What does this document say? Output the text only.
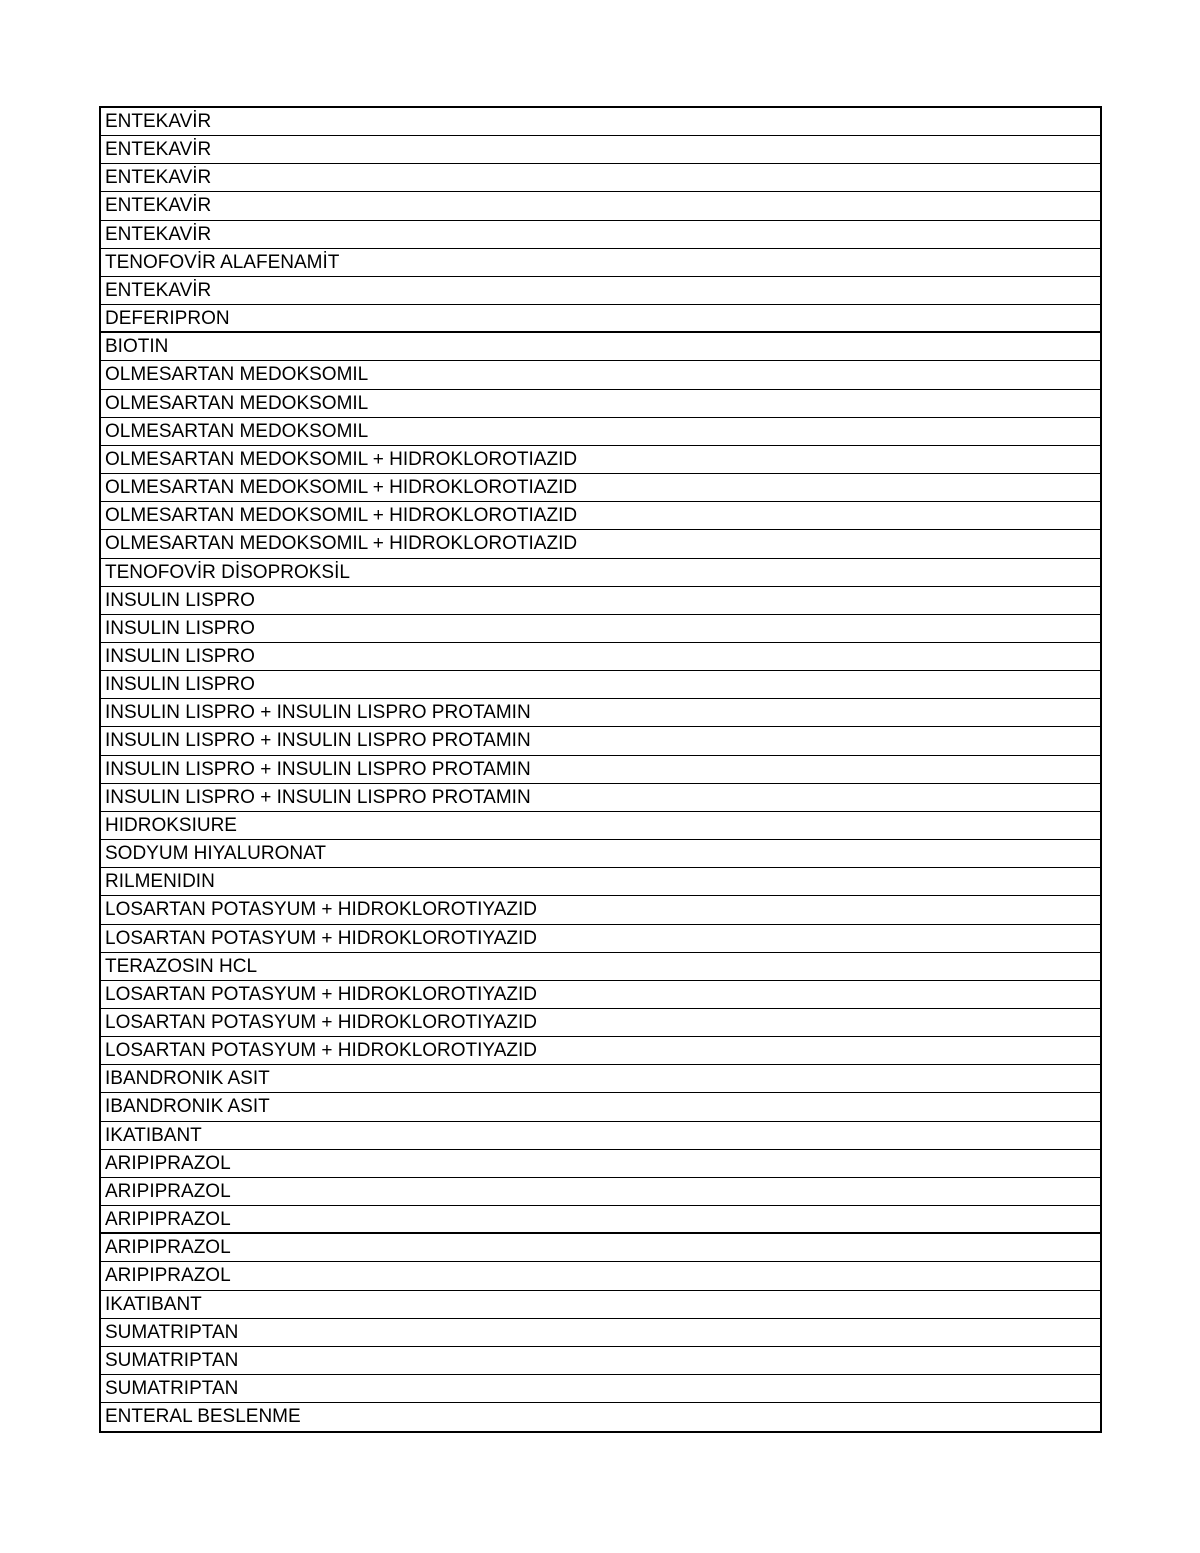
ENTEKAVİR
ENTEKAVİR
ENTEKAVİR
ENTEKAVİR
ENTEKAVİR
TENOFOVİR ALAFENAMİT
ENTEKAVİR
DEFERIPRON
BIOTIN
OLMESARTAN MEDOKSOMIL
OLMESARTAN MEDOKSOMIL
OLMESARTAN MEDOKSOMIL
OLMESARTAN MEDOKSOMIL + HIDROKLOROTIAZID
OLMESARTAN MEDOKSOMIL + HIDROKLOROTIAZID
OLMESARTAN MEDOKSOMIL + HIDROKLOROTIAZID
OLMESARTAN MEDOKSOMIL + HIDROKLOROTIAZID
TENOFOVİR DİSOPROKSİL
INSULIN LISPRO
INSULIN LISPRO
INSULIN LISPRO
INSULIN LISPRO
INSULIN LISPRO + INSULIN LISPRO PROTAMIN
INSULIN LISPRO + INSULIN LISPRO PROTAMIN
INSULIN LISPRO + INSULIN LISPRO PROTAMIN
INSULIN LISPRO + INSULIN LISPRO PROTAMIN
HIDROKSIURE
SODYUM HIYALURONAT
RILMENIDIN
LOSARTAN POTASYUM + HIDROKLOROTIYAZID
LOSARTAN POTASYUM + HIDROKLOROTIYAZID
TERAZOSIN HCL
LOSARTAN POTASYUM + HIDROKLOROTIYAZID
LOSARTAN POTASYUM + HIDROKLOROTIYAZID
LOSARTAN POTASYUM + HIDROKLOROTIYAZID
IBANDRONIK ASIT
IBANDRONIK ASIT
IKATIBANT
ARIPIPRAZOL
ARIPIPRAZOL
ARIPIPRAZOL
ARIPIPRAZOL
ARIPIPRAZOL
IKATIBANT
SUMATRIPTAN
SUMATRIPTAN
SUMATRIPTAN
ENTERAL BESLENME
